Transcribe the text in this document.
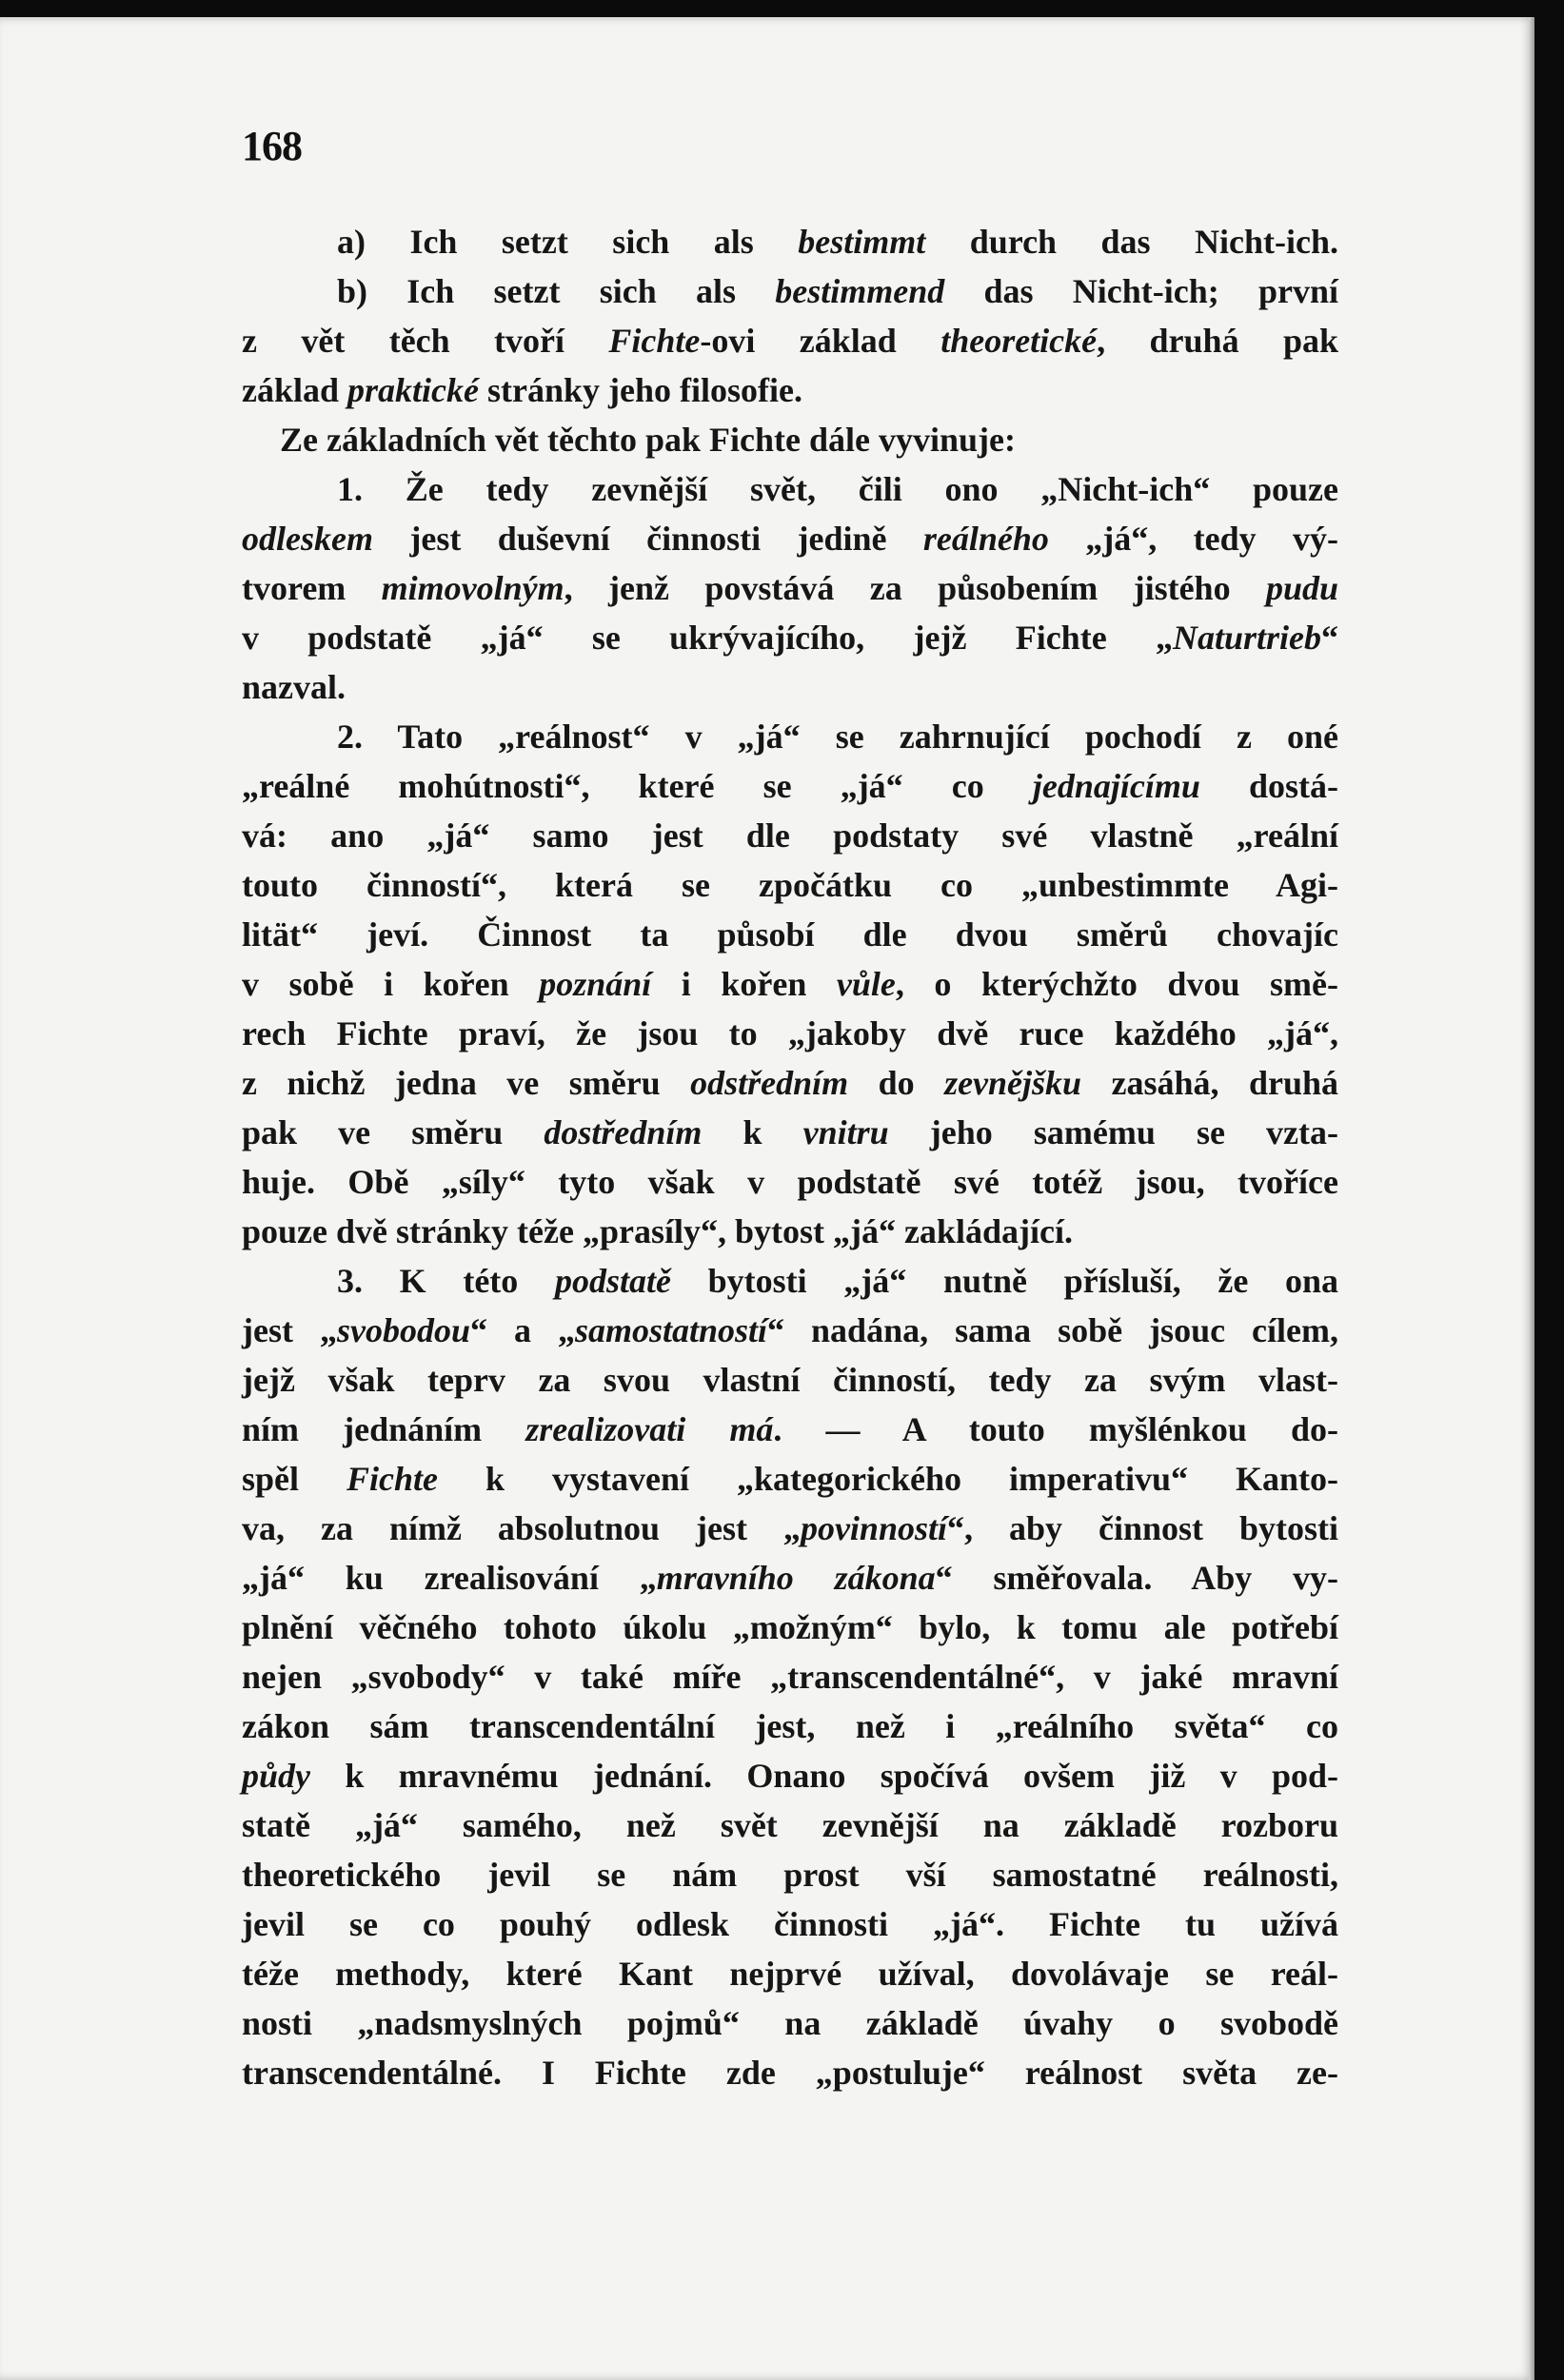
168
a) Ich setzt sich als bestimmt durch das Nicht-ich.
b) Ich setzt sich als bestimmend das Nicht-ich; první
z vět těch tvoří Fichte-ovi základ theoretické, druhá pak
základ praktické stránky jeho filosofie.
Ze základních vět těchto pak Fichte dále vyvinuje:
1. Že tedy zevnější svět, čili ono „Nicht-ich“ pouze
odleskem jest duševní činnosti jedině reálného „já“, tedy vý-
tvorem mimovolným, jenž povstává za působením jistého pudu
v podstatě „já“ se ukrývajícího, jejž Fichte „Naturtrieb“
nazval.
2. Tato „reálnost“ v „já“ se zahrnující pochodí z oné
„reálné mohútnosti“, které se „já“ co jednajícímu dostá-
vá: ano „já“ samo jest dle podstaty své vlastně „reální
touto činností“, která se zpočátku co „unbestimmte Agi-
lität“ jeví. Činnost ta působí dle dvou směrů chovajíc
v sobě i kořen poznání i kořen vůle, o kterýchžto dvou smě-
rech Fichte praví, že jsou to „jakoby dvě ruce každého „já“,
z nichž jedna ve směru odstředním do zevnějšku zasáhá, druhá
pak ve směru dostředním k vnitru jeho samému se vzta-
huje. Obě „síly“ tyto však v podstatě své totéž jsou, tvoříce
pouze dvě stránky téže „prasíly“, bytost „já“ zakládající.
3. K této podstatě bytosti „já“ nutně přísluší, že ona
jest „svobodou“ a „samostatností“ nadána, sama sobě jsouc cílem,
jejž však teprv za svou vlastní činností, tedy za svým vlast-
ním jednáním zrealizovati má. — A touto myšlénkou do-
spěl Fichte k vystavení „kategorického imperativu“ Kanto-
va, za nímž absolutnou jest „povinností“, aby činnost bytosti
„já“ ku zrealisování „mravního zákona“ směřovala. Aby vy-
plnění věčného tohoto úkolu „možným“ bylo, k tomu ale potřebí
nejen „svobody“ v také míře „transcendentálné“, v jaké mravní
zákon sám transcendentální jest, než i „reálního světa“ co
půdy k mravnému jednání. Onano spočívá ovšem již v pod-
statě „já“ samého, než svět zevnější na základě rozboru
theoretického jevil se nám prost vší samostatné reálnosti,
jevil se co pouhý odlesk činnosti „já“. Fichte tu užívá
téže methody, které Kant nejprvé užíval, dovolávaje se reál-
nosti „nadsmyslných pojmů“ na základě úvahy o svobodě
transcendentálné. I Fichte zde „postuluje“ reálnost světa ze-
